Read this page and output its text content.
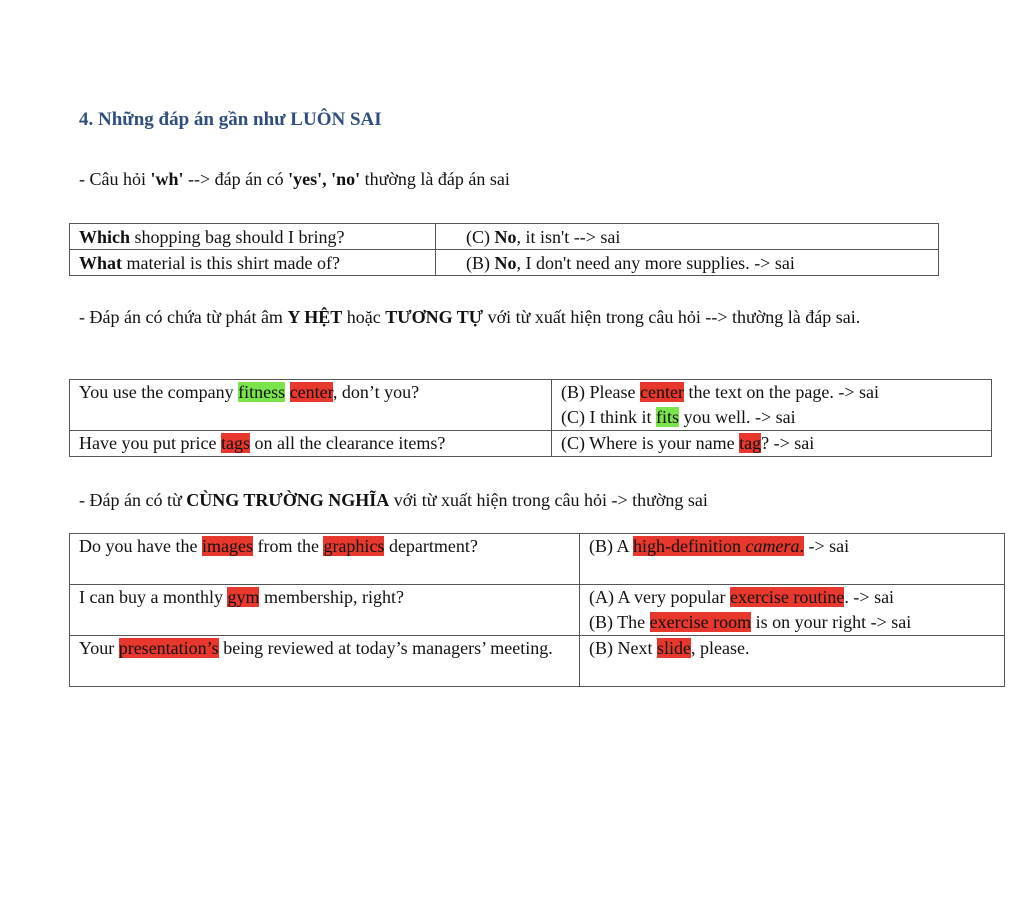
4. Những đáp án gần như LUÔN SAI
- Câu hỏi 'wh' --> đáp án có 'yes', 'no' thường là đáp án sai
Which shopping bag should I bring?	(C) No, it isn't --> sai
What material is this shirt made of?	(B) No, I don't need any more supplies. -> sai
- Đáp án có chứa từ phát âm Y HỆT hoặc TƯƠNG TỰ với từ xuất hiện trong câu hỏi --> thường là đáp sai.
You use the company fitness center, don’t you?	(B) Please center the text on the page. -> sai
(C) I think it fits you well. -> sai

Have you put price tags on all the clearance items?	(C) Where is your name tag? -> sai
- Đáp án có từ CÙNG TRƯỜNG NGHĨA với từ xuất hiện trong câu hỏi -> thường sai
Do you have the images from the graphics department?	(B) A high-definition camera. -> sai
I can buy a monthly gym membership, right?	(A) A very popular exercise routine. -> sai
(B) The exercise room is on your right -> sai

Your presentation’s being reviewed at today’s managers’ meeting.	(B) Next slide, please.
